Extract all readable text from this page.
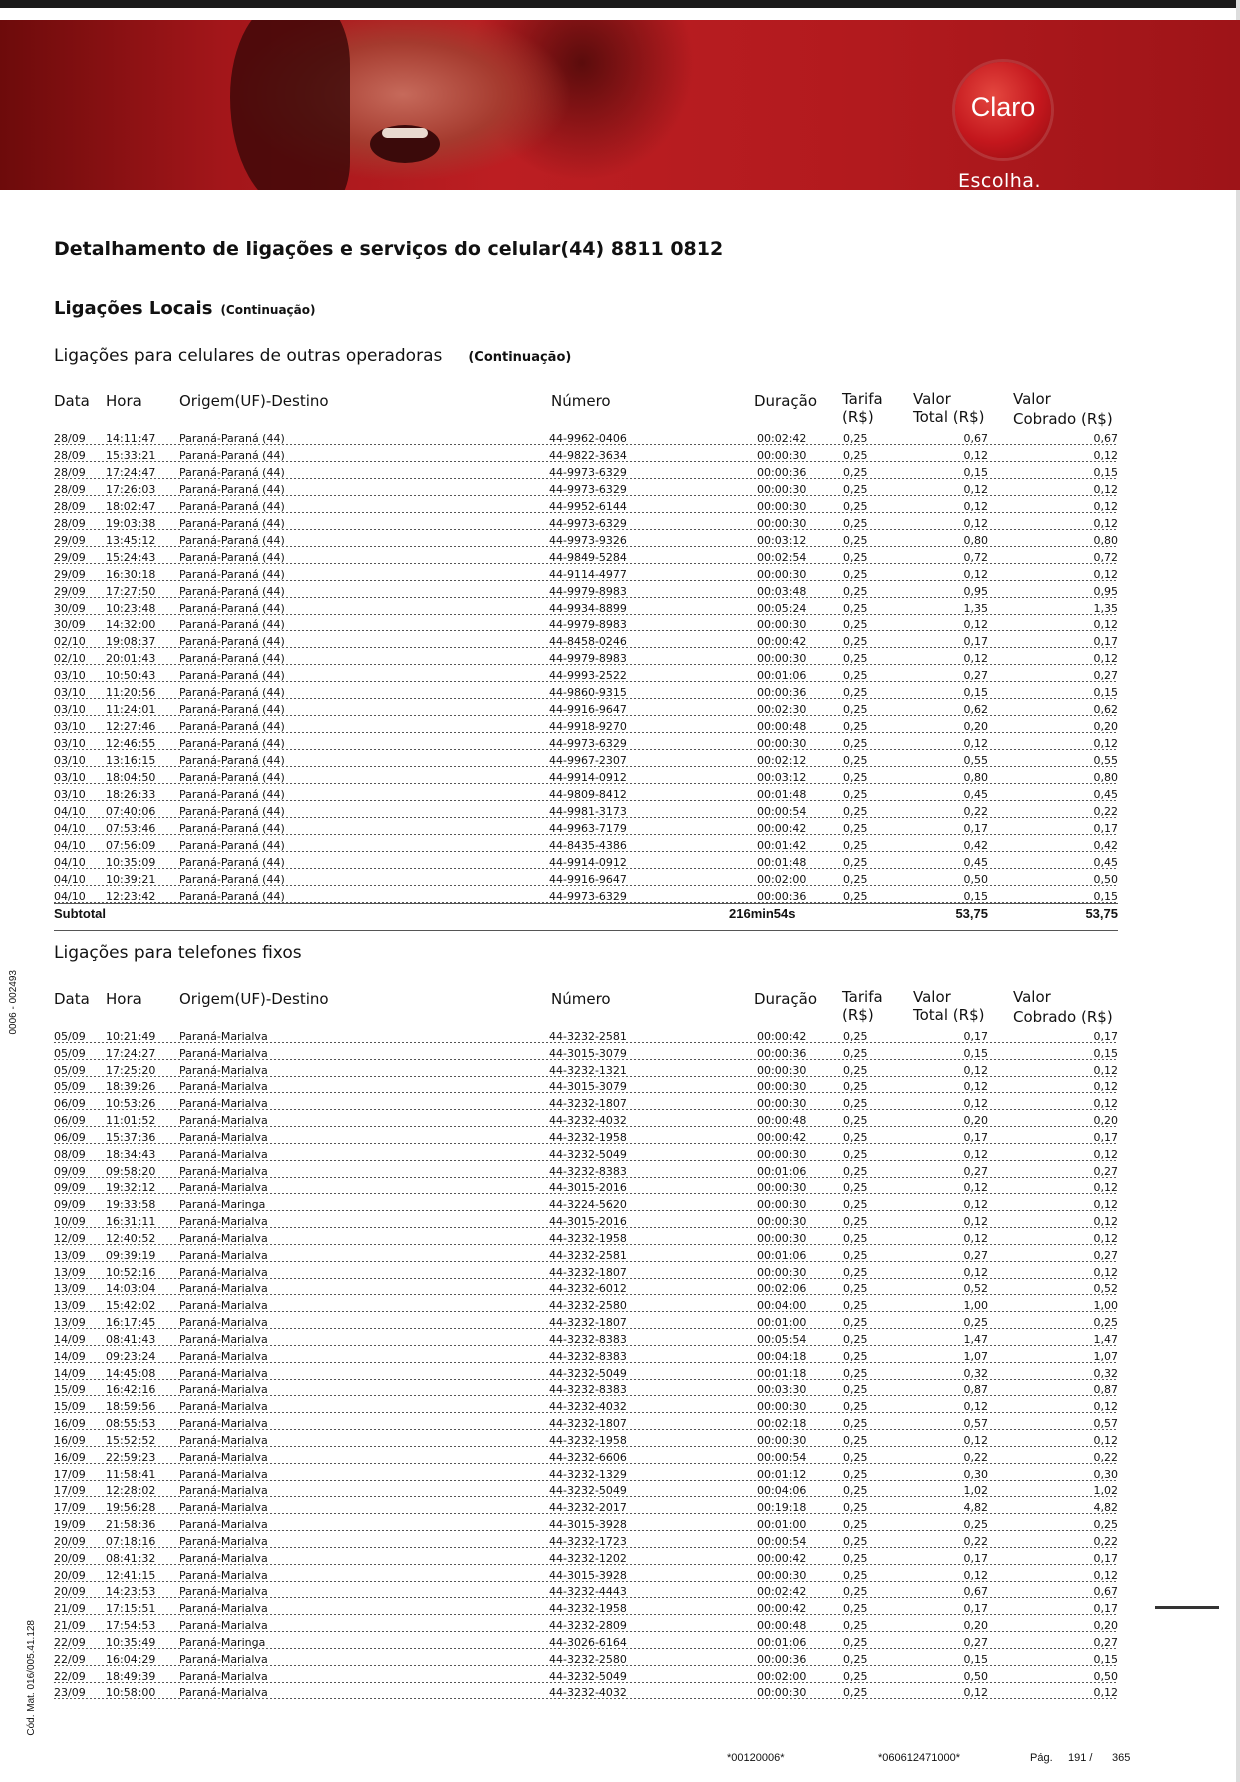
Claro
Escolha.
Detalhamento de ligações e serviços do celular(44) 8811 0812
Ligações Locais (Continuação)
Ligações para celulares de outras operadoras (Continuação)
Data Hora Origem(UF)-Destino	Número	Duração Tarifa
(R$)
Valor
Total (R$)
Valor
Cobrado (R$)
28/09 14:11:47 Paraná-Paraná (44)	44-9962-0406	00:02:42	0,25	0,67	0,67
28/09 15:33:21 Paraná-Paraná (44)	44-9822-3634	00:00:30	0,25	0,12	0,12
28/09 17:24:47 Paraná-Paraná (44)	44-9973-6329	00:00:36	0,25	0,15	0,15
28/09 17:26:03 Paraná-Paraná (44)	44-9973-6329	00:00:30	0,25	0,12	0,12
28/09 18:02:47 Paraná-Paraná (44)	44-9952-6144	00:00:30	0,25	0,12	0,12
28/09 19:03:38 Paraná-Paraná (44)	44-9973-6329	00:00:30	0,25	0,12	0,12
29/09 13:45:12 Paraná-Paraná (44)	44-9973-9326	00:03:12	0,25	0,80	0,80
29/09 15:24:43 Paraná-Paraná (44)	44-9849-5284	00:02:54	0,25	0,72	0,72
29/09 16:30:18 Paraná-Paraná (44)	44-9114-4977	00:00:30	0,25	0,12	0,12
29/09 17:27:50 Paraná-Paraná (44)	44-9979-8983	00:03:48	0,25	0,95	0,95
30/09 10:23:48 Paraná-Paraná (44)	44-9934-8899	00:05:24	0,25	1,35	1,35
30/09 14:32:00 Paraná-Paraná (44)	44-9979-8983	00:00:30	0,25	0,12	0,12
02/10 19:08:37 Paraná-Paraná (44)	44-8458-0246	00:00:42	0,25	0,17	0,17
02/10 20:01:43 Paraná-Paraná (44)	44-9979-8983	00:00:30	0,25	0,12	0,12
03/10 10:50:43 Paraná-Paraná (44)	44-9993-2522	00:01:06	0,25	0,27	0,27
03/10 11:20:56 Paraná-Paraná (44)	44-9860-9315	00:00:36	0,25	0,15	0,15
03/10 11:24:01 Paraná-Paraná (44)	44-9916-9647	00:02:30	0,25	0,62	0,62
03/10 12:27:46 Paraná-Paraná (44)	44-9918-9270	00:00:48	0,25	0,20	0,20
03/10 12:46:55 Paraná-Paraná (44)	44-9973-6329	00:00:30	0,25	0,12	0,12
03/10 13:16:15 Paraná-Paraná (44)	44-9967-2307	00:02:12	0,25	0,55	0,55
03/10 18:04:50 Paraná-Paraná (44)	44-9914-0912	00:03:12	0,25	0,80	0,80
03/10 18:26:33 Paraná-Paraná (44)	44-9809-8412	00:01:48	0,25	0,45	0,45
04/10 07:40:06 Paraná-Paraná (44)	44-9981-3173	00:00:54	0,25	0,22	0,22
04/10 07:53:46 Paraná-Paraná (44)	44-9963-7179	00:00:42	0,25	0,17	0,17
04/10 07:56:09 Paraná-Paraná (44)	44-8435-4386	00:01:42	0,25	0,42	0,42
04/10 10:35:09 Paraná-Paraná (44)	44-9914-0912	00:01:48	0,25	0,45	0,45
04/10 10:39:21 Paraná-Paraná (44)	44-9916-9647	00:02:00	0,25	0,50	0,50
04/10 12:23:42 Paraná-Paraná (44)	44-9973-6329	00:00:36	0,25	0,15	0,15
Subtotal	216min54s	53,75	53,75
Ligações para telefones fixos
Data Hora Origem(UF)-Destino	Número	Duração Tarifa
(R$)
Valor
Total (R$)
Valor
Cobrado (R$)
05/09 10:21:49 Paraná-Marialva	44-3232-2581	00:00:42	0,25	0,17	0,17
05/09 17:24:27 Paraná-Marialva	44-3015-3079	00:00:36	0,25	0,15	0,15
05/09 17:25:20 Paraná-Marialva	44-3232-1321	00:00:30	0,25	0,12	0,12
05/09 18:39:26 Paraná-Marialva	44-3015-3079	00:00:30	0,25	0,12	0,12
06/09 10:53:26 Paraná-Marialva	44-3232-1807	00:00:30	0,25	0,12	0,12
06/09 11:01:52 Paraná-Marialva	44-3232-4032	00:00:48	0,25	0,20	0,20
06/09 15:37:36 Paraná-Marialva	44-3232-1958	00:00:42	0,25	0,17	0,17
08/09 18:34:43 Paraná-Marialva	44-3232-5049	00:00:30	0,25	0,12	0,12
09/09 09:58:20 Paraná-Marialva	44-3232-8383	00:01:06	0,25	0,27	0,27
09/09 19:32:12 Paraná-Marialva	44-3015-2016	00:00:30	0,25	0,12	0,12
09/09 19:33:58 Paraná-Maringa	44-3224-5620	00:00:30	0,25	0,12	0,12
10/09 16:31:11 Paraná-Marialva	44-3015-2016	00:00:30	0,25	0,12	0,12
12/09 12:40:52 Paraná-Marialva	44-3232-1958	00:00:30	0,25	0,12	0,12
13/09 09:39:19 Paraná-Marialva	44-3232-2581	00:01:06	0,25	0,27	0,27
13/09 10:52:16 Paraná-Marialva	44-3232-1807	00:00:30	0,25	0,12	0,12
13/09 14:03:04 Paraná-Marialva	44-3232-6012	00:02:06	0,25	0,52	0,52
13/09 15:42:02 Paraná-Marialva	44-3232-2580	00:04:00	0,25	1,00	1,00
13/09 16:17:45 Paraná-Marialva	44-3232-1807	00:01:00	0,25	0,25	0,25
14/09 08:41:43 Paraná-Marialva	44-3232-8383	00:05:54	0,25	1,47	1,47
14/09 09:23:24 Paraná-Marialva	44-3232-8383	00:04:18	0,25	1,07	1,07
14/09 14:45:08 Paraná-Marialva	44-3232-5049	00:01:18	0,25	0,32	0,32
15/09 16:42:16 Paraná-Marialva	44-3232-8383	00:03:30	0,25	0,87	0,87
15/09 18:59:56 Paraná-Marialva	44-3232-4032	00:00:30	0,25	0,12	0,12
16/09 08:55:53 Paraná-Marialva	44-3232-1807	00:02:18	0,25	0,57	0,57
16/09 15:52:52 Paraná-Marialva	44-3232-1958	00:00:30	0,25	0,12	0,12
16/09 22:59:23 Paraná-Marialva	44-3232-6606	00:00:54	0,25	0,22	0,22
17/09 11:58:41 Paraná-Marialva	44-3232-1329	00:01:12	0,25	0,30	0,30
17/09 12:28:02 Paraná-Marialva	44-3232-5049	00:04:06	0,25	1,02	1,02
17/09 19:56:28 Paraná-Marialva	44-3232-2017	00:19:18	0,25	4,82	4,82
19/09 21:58:36 Paraná-Marialva	44-3015-3928	00:01:00	0,25	0,25	0,25
20/09 07:18:16 Paraná-Marialva	44-3232-1723	00:00:54	0,25	0,22	0,22
20/09 08:41:32 Paraná-Marialva	44-3232-1202	00:00:42	0,25	0,17	0,17
20/09 12:41:15 Paraná-Marialva	44-3015-3928	00:00:30	0,25	0,12	0,12
20/09 14:23:53 Paraná-Marialva	44-3232-4443	00:02:42	0,25	0,67	0,67
21/09 17:15:51 Paraná-Marialva	44-3232-1958	00:00:42	0,25	0,17	0,17
21/09 17:54:53 Paraná-Marialva	44-3232-2809	00:00:48	0,25	0,20	0,20
22/09 10:35:49 Paraná-Maringa	44-3026-6164	00:01:06	0,25	0,27	0,27
22/09 16:04:29 Paraná-Marialva	44-3232-2580	00:00:36	0,25	0,15	0,15
22/09 18:49:39 Paraná-Marialva	44-3232-5049	00:02:00	0,25	0,50	0,50
23/09 10:58:00 Paraná-Marialva	44-3232-4032	00:00:30	0,25	0,12	0,12
0006 - 002493
Cód. Mat. 016/005.41.128
*00120006*	*060612471000*	Pág. 191 / 365
